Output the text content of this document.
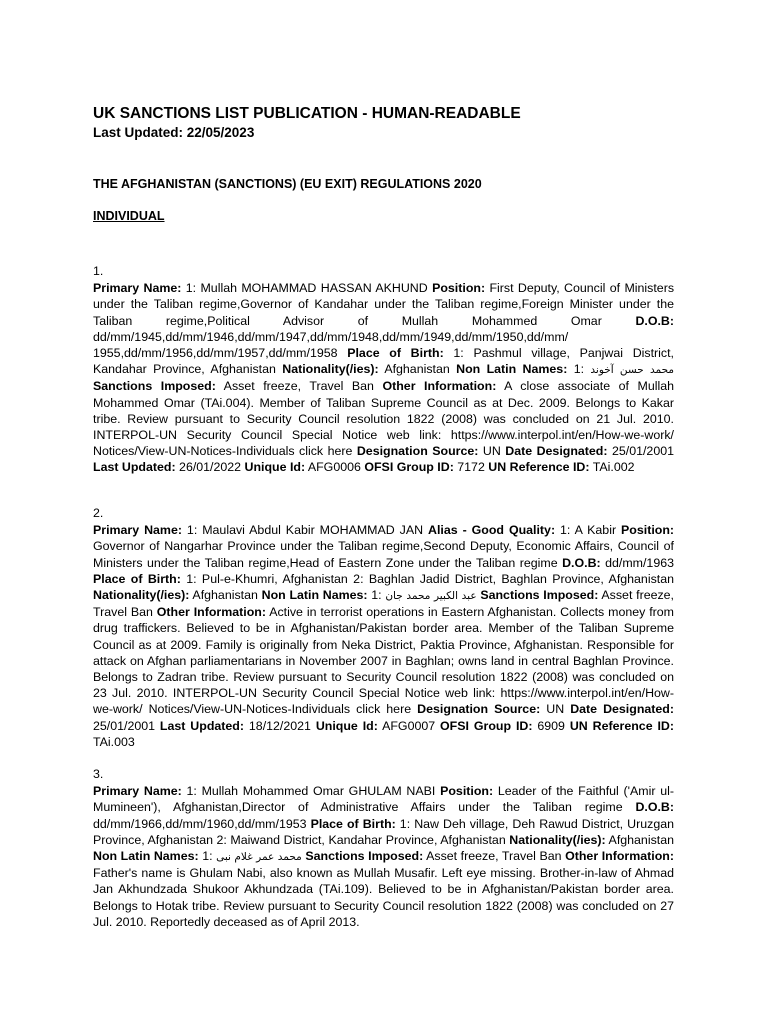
UK SANCTIONS LIST PUBLICATION - HUMAN-READABLE
Last Updated: 22/05/2023
THE AFGHANISTAN (SANCTIONS) (EU EXIT) REGULATIONS 2020
INDIVIDUAL
1.
Primary Name: 1: Mullah MOHAMMAD HASSAN AKHUND Position: First Deputy, Council of Ministers under the Taliban regime,Governor of Kandahar under the Taliban regime,Foreign Minister under the Taliban regime,Political Advisor of Mullah Mohammed Omar D.O.B: dd/mm/1945,dd/mm/1946,dd/mm/1947,dd/mm/1948,dd/mm/1949,dd/mm/1950,dd/mm/ 1955,dd/mm/1956,dd/mm/1957,dd/mm/1958 Place of Birth: 1: Pashmul village, Panjwai District, Kandahar Province, Afghanistan Nationality(/ies): Afghanistan Non Latin Names: 1: محمد حسن آخوند Sanctions Imposed: Asset freeze, Travel Ban Other Information: A close associate of Mullah Mohammed Omar (TAi.004). Member of Taliban Supreme Council as at Dec. 2009. Belongs to Kakar tribe. Review pursuant to Security Council resolution 1822 (2008) was concluded on 21 Jul. 2010. INTERPOL-UN Security Council Special Notice web link: https://www.interpol.int/en/How-we-work/ Notices/View-UN-Notices-Individuals click here Designation Source: UN Date Designated: 25/01/2001 Last Updated: 26/01/2022 Unique Id: AFG0006 OFSI Group ID: 7172 UN Reference ID: TAi.002
2.
Primary Name: 1: Maulavi Abdul Kabir MOHAMMAD JAN Alias - Good Quality: 1: A Kabir Position: Governor of Nangarhar Province under the Taliban regime,Second Deputy, Economic Affairs, Council of Ministers under the Taliban regime,Head of Eastern Zone under the Taliban regime D.O.B: dd/mm/1963 Place of Birth: 1: Pul-e-Khumri, Afghanistan 2: Baghlan Jadid District, Baghlan Province, Afghanistan Nationality(/ies): Afghanistan Non Latin Names: 1: عبد الكبير محمد جان Sanctions Imposed: Asset freeze, Travel Ban Other Information: Active in terrorist operations in Eastern Afghanistan. Collects money from drug traffickers. Believed to be in Afghanistan/Pakistan border area. Member of the Taliban Supreme Council as at 2009. Family is originally from Neka District, Paktia Province, Afghanistan. Responsible for attack on Afghan parliamentarians in November 2007 in Baghlan; owns land in central Baghlan Province. Belongs to Zadran tribe. Review pursuant to Security Council resolution 1822 (2008) was concluded on 23 Jul. 2010. INTERPOL-UN Security Council Special Notice web link: https://www.interpol.int/en/How-we-work/ Notices/View-UN-Notices-Individuals click here Designation Source: UN Date Designated: 25/01/2001 Last Updated: 18/12/2021 Unique Id: AFG0007 OFSI Group ID: 6909 UN Reference ID: TAi.003
3.
Primary Name: 1: Mullah Mohammed Omar GHULAM NABI Position: Leader of the Faithful ('Amir ul-Mumineen'), Afghanistan,Director of Administrative Affairs under the Taliban regime D.O.B: dd/mm/1966,dd/mm/1960,dd/mm/1953 Place of Birth: 1: Naw Deh village, Deh Rawud District, Uruzgan Province, Afghanistan 2: Maiwand District, Kandahar Province, Afghanistan Nationality(/ies): Afghanistan Non Latin Names: 1: محمد عمر غلام نبی Sanctions Imposed: Asset freeze, Travel Ban Other Information: Father's name is Ghulam Nabi, also known as Mullah Musafir. Left eye missing. Brother-in-law of Ahmad Jan Akhundzada Shukoor Akhundzada (TAi.109). Believed to be in Afghanistan/Pakistan border area. Belongs to Hotak tribe. Review pursuant to Security Council resolution 1822 (2008) was concluded on 27 Jul. 2010. Reportedly deceased as of April 2013.
